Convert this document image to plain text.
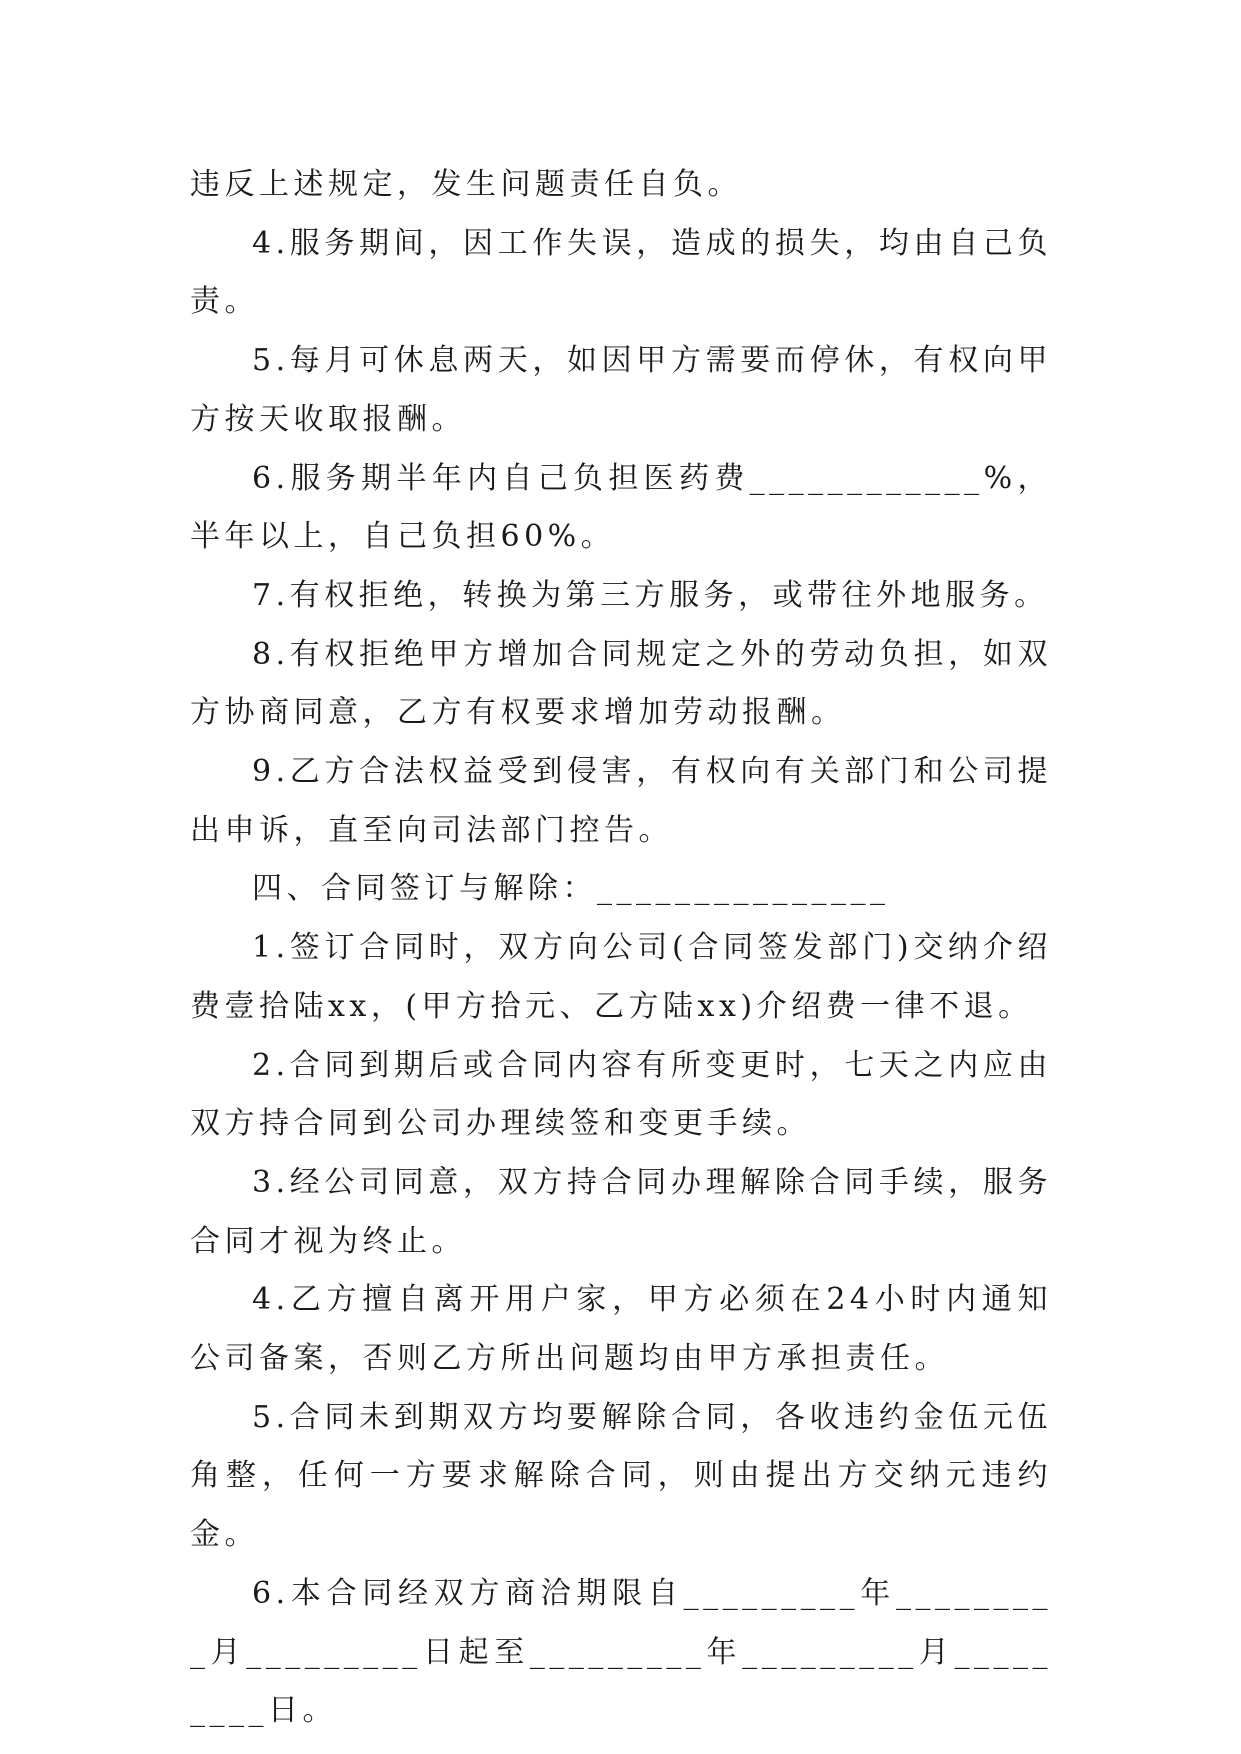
违反上述规定，发生问题责任自负。

4.服务期间，因工作失误，造成的损失，均由自己负责。

5.每月可休息两天，如因甲方需要而停休，有权向甲方按天收取报酬。

6.服务期半年内自己负担医药费____________%，半年以上，自己负担60%。

7.有权拒绝，转换为第三方服务，或带往外地服务。

8.有权拒绝甲方增加合同规定之外的劳动负担，如双方协商同意，乙方有权要求增加劳动报酬。

9.乙方合法权益受到侵害，有权向有关部门和公司提出申诉，直至向司法部门控告。

四、合同签订与解除：_______________

1.签订合同时，双方向公司(合同签发部门)交纳介绍费壹拾陆xx，(甲方拾元、乙方陆xx)介绍费一律不退。

2.合同到期后或合同内容有所变更时，七天之内应由双方持合同到公司办理续签和变更手续。

3.经公司同意，双方持合同办理解除合同手续，服务合同才视为终止。

4.乙方擅自离开用户家，甲方必须在24小时内通知公司备案，否则乙方所出问题均由甲方承担责任。

5.合同未到期双方均要解除合同，各收违约金伍元伍角整，任何一方要求解除合同，则由提出方交纳元违约金。

6.本合同经双方商洽期限自_________年_________月_________日起至_________年_________月_________日。
